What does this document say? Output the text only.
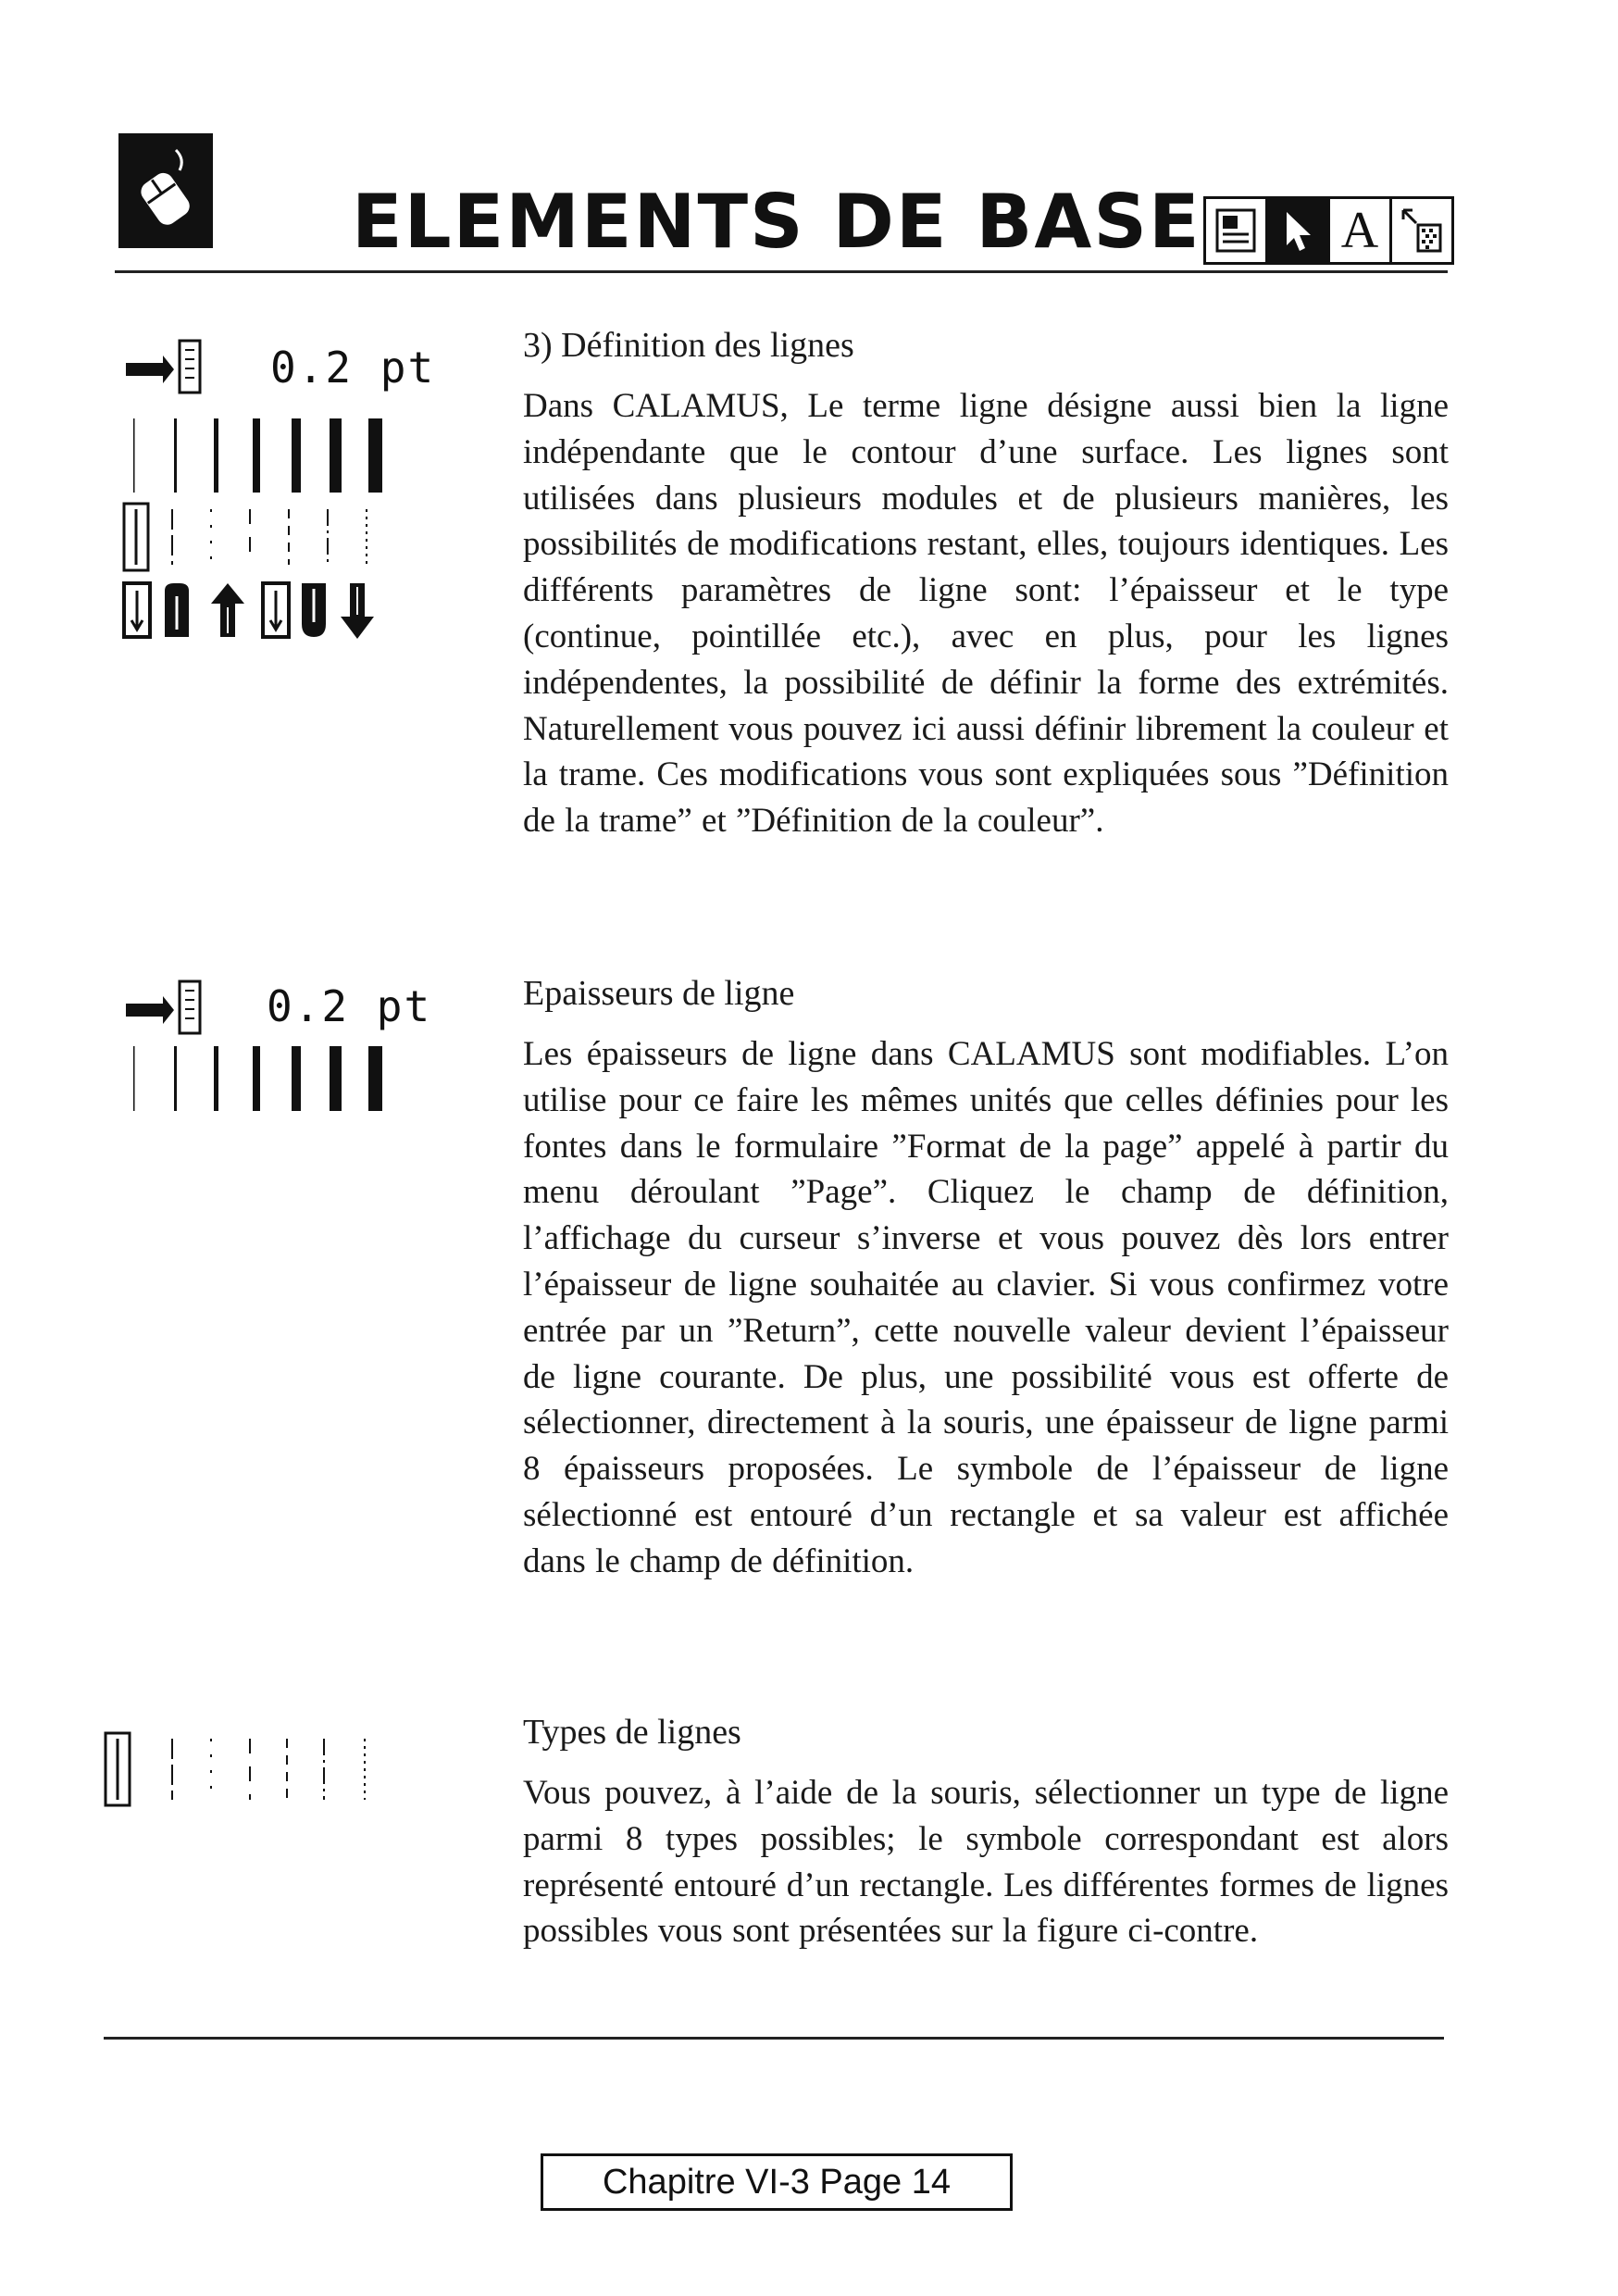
ELEMENTS DE BASE	A
0.2 pt
0.2 pt
3) Définition des lignes

Dans CALAMUS, Le terme ligne désigne aussi bien la ligne indépendante que le contour d’une surface. Les lignes sont utilisées dans plusieurs modules et de plusieurs manières, les possibilités de modifications restant, elles, toujours identiques. Les différents paramètres de ligne sont: l’épaisseur et le type (continue, pointillée etc.), avec en plus, pour les lignes indépendentes, la possibilité de définir la forme des extrémités. Naturellement vous pouvez ici aussi définir librement la couleur et la trame. Ces modifications vous sont expliquées sous ”Définition de la trame” et ”Définition de la couleur”.

Epaisseurs de ligne

Les épaisseurs de ligne dans CALAMUS sont modifiables. L’on utilise pour ce faire les mêmes unités que celles définies pour les fontes dans le formulaire ”Format de la page” appelé à partir du menu déroulant ”Page”. Cliquez le champ de définition, l’affichage du curseur s’inverse et vous pouvez dès lors entrer l’épaisseur de ligne souhaitée au clavier. Si vous confirmez votre entrée par un ”Return”, cette nouvelle valeur devient l’épaisseur de ligne courante. De plus, une possibilité vous est offerte de sélectionner, directement à la souris, une épaisseur de ligne parmi 8 épaisseurs proposées. Le symbole de l’épaisseur de ligne sélectionné est entouré d’un rectangle et sa valeur est affichée dans le champ de définition.

Types de lignes

Vous pouvez, à l’aide de la souris, sélectionner un type de ligne parmi 8 types possibles; le symbole correspondant est alors représenté entouré d’un rectangle. Les différentes formes de lignes possibles vous sont présentées sur la figure ci-contre.

Chapitre VI-3 Page 14
